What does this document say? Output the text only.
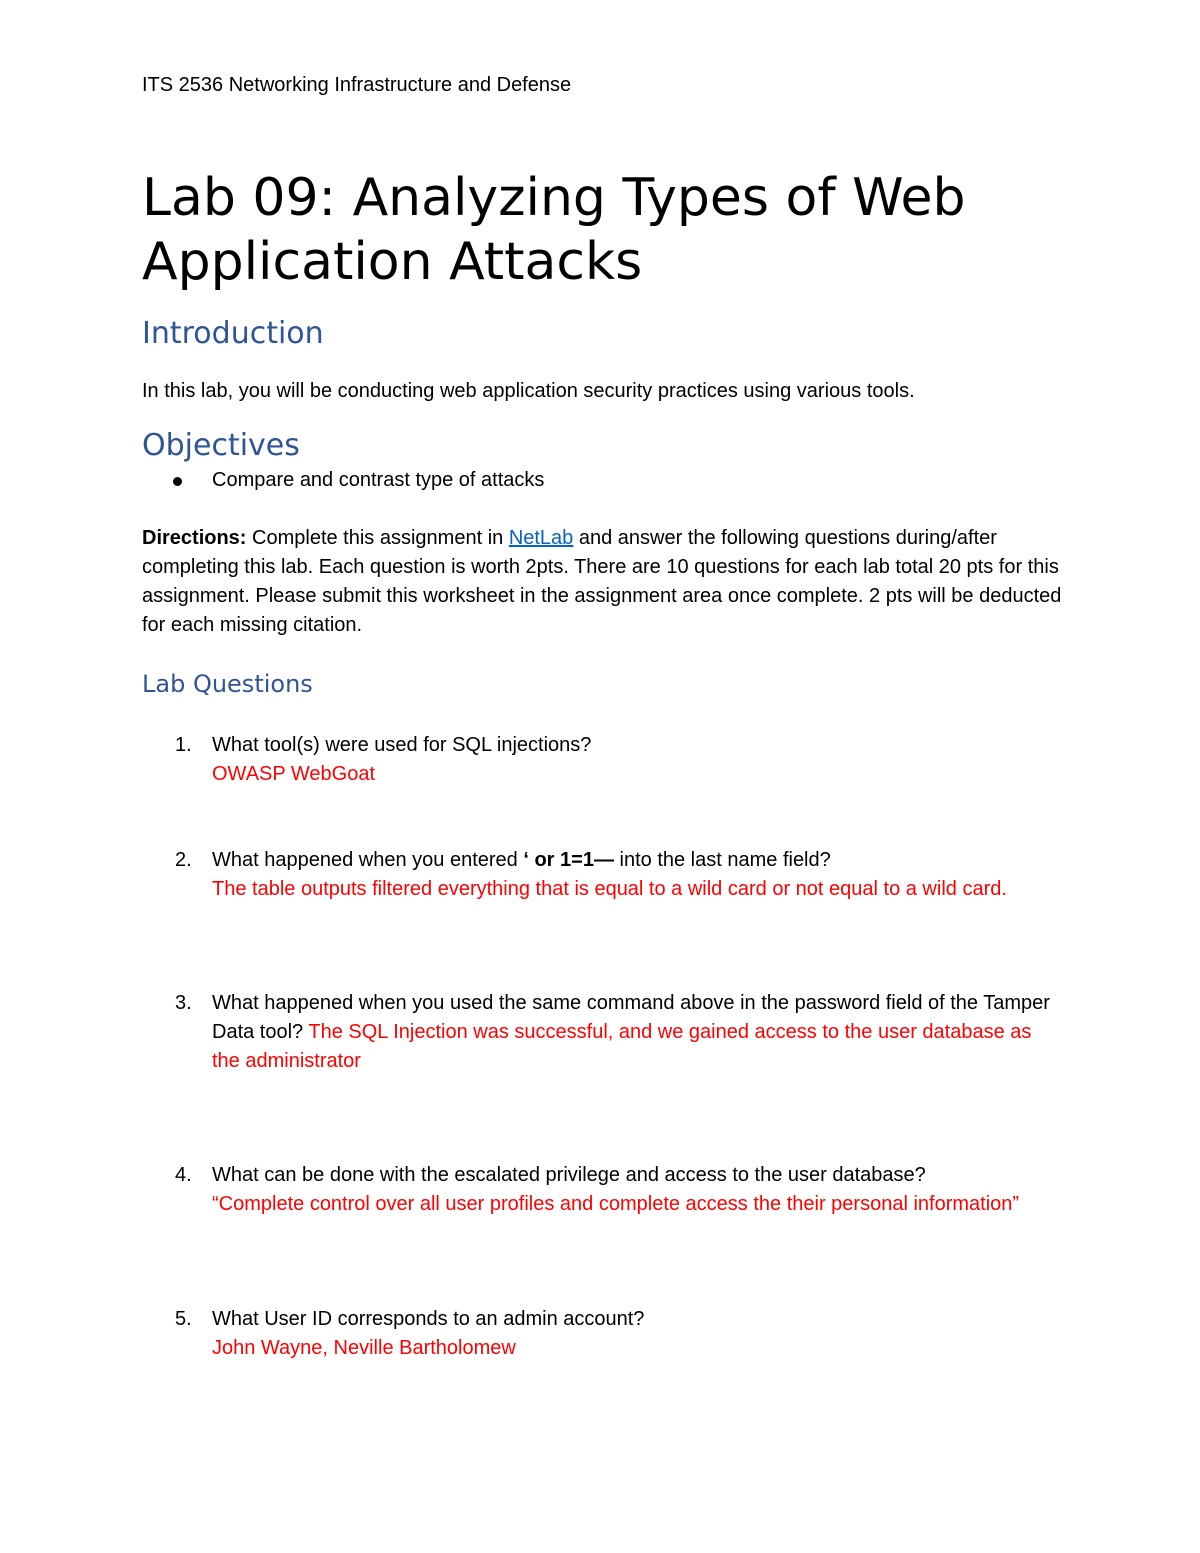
ITS 2536 Networking Infrastructure and Defense
Lab 09: Analyzing Types of Web Application Attacks
Introduction
In this lab, you will be conducting web application security practices using various tools.
Objectives
Compare and contrast type of attacks
Directions: Complete this assignment in NetLab and answer the following questions during/after completing this lab. Each question is worth 2pts. There are 10 questions for each lab total 20 pts for this assignment. Please submit this worksheet in the assignment area once complete. 2 pts will be deducted for each missing citation.
Lab Questions
1. What tool(s) were used for SQL injections?
OWASP WebGoat
2. What happened when you entered ‘ or 1=1— into the last name field?
The table outputs filtered everything that is equal to a wild card or not equal to a wild card.
3. What happened when you used the same command above in the password field of the Tamper Data tool? The SQL Injection was successful, and we gained access to the user database as the administrator
4. What can be done with the escalated privilege and access to the user database?
“Complete control over all user profiles and complete access the their personal information”
5. What User ID corresponds to an admin account?
John Wayne, Neville Bartholomew
